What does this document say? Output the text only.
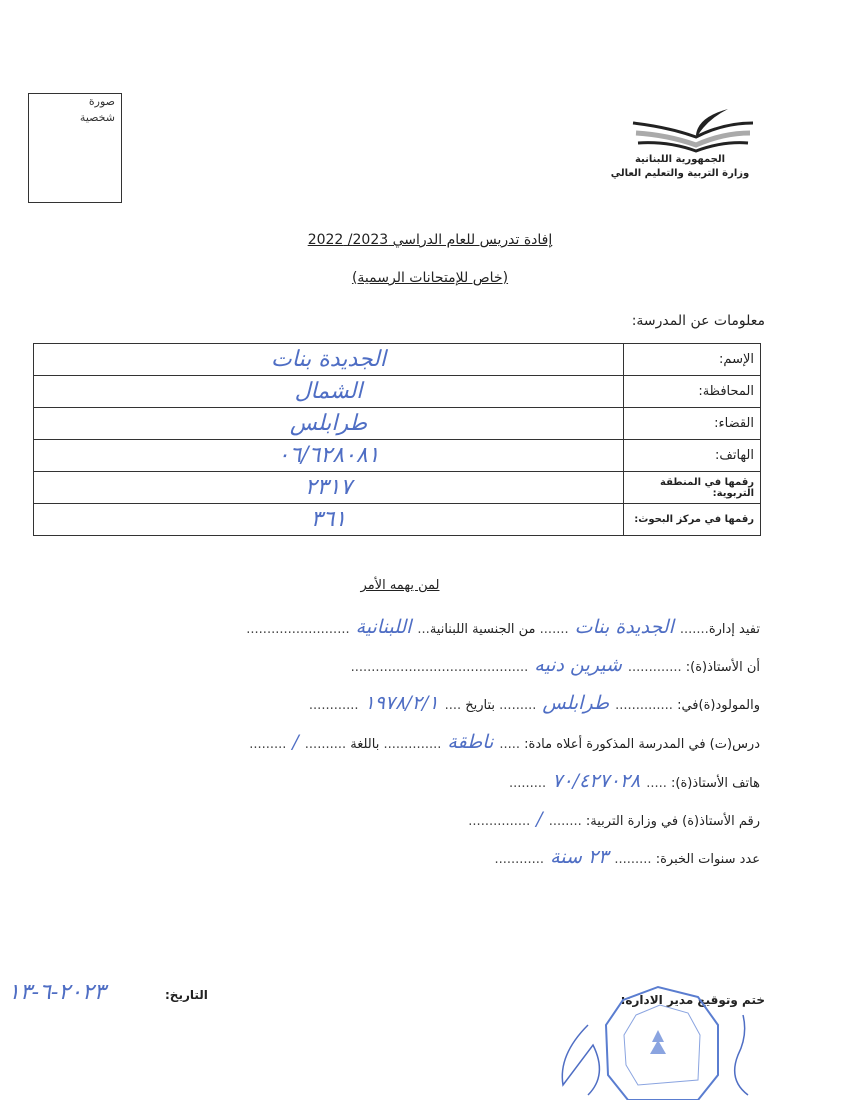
صورة
شخصية
الجمهورية اللبنانية
وزارة التربية والتعليم العالي
إفادة تدريس للعام الدراسي 2023/ 2022
(خاص للإمتحانات الرسمية)
معلومات عن المدرسة:
الإسم:	الجديدة بنات
المحافظة:	الشمال
القضاء:	طرابلس
الهاتف:	٠٦/٦٢٨٠٨١
رقمها في المنطقة التربوية:	٢٣١٧
رقمها في مركز البحوث:	٣٦١
لمن يهمه الأمر
تفيد إدارة.......الجديدة بنات....... من الجنسية اللبنانية...اللبنانية.........................
أن الأستاذ(ة): .............شيرين دنيه...........................................
والمولود(ة)في: ..............طرابلس......... بتاريخ ....١٩٧٨/٢/١............
درس(ت) في المدرسة المذكورة أعلاه مادة: .....ناطقة.............. باللغة ........../.........
هاتف الأستاذ(ة): .....٧٠/٤٢٧٠٢٨.........
رقم الأستاذ(ة) في وزارة التربية: ......../...............
عدد سنوات الخبرة: .........٢٣ سنة............
التاريخ:
٢٠٢٣-٦-١٣	ختم وتوقيع مدير الادارة:
